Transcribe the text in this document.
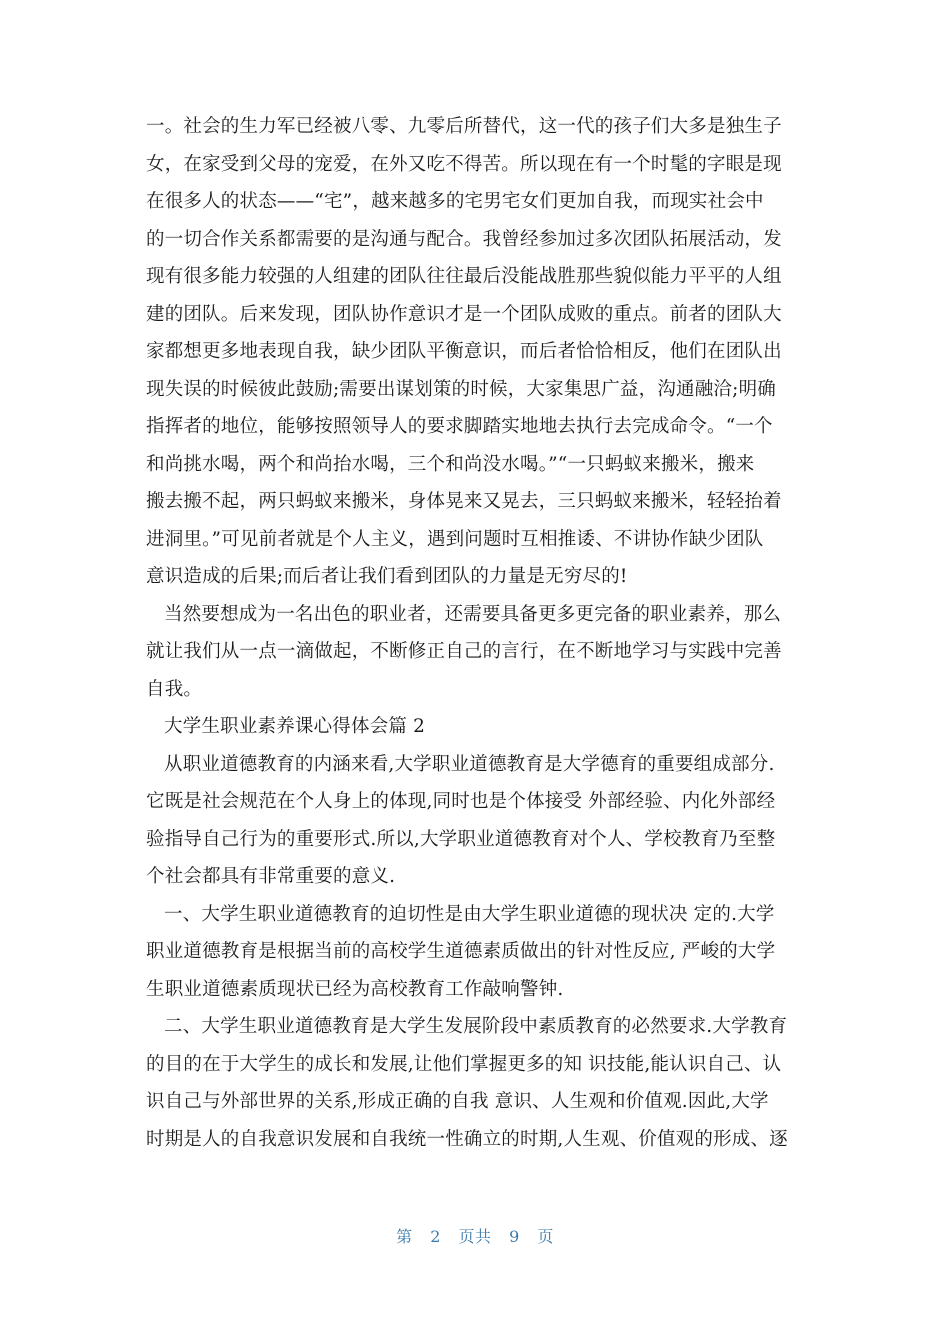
一。社会的生力军已经被八零、九零后所替代，这一代的孩子们大多是独生子
女，在家受到父母的宠爱，在外又吃不得苦。所以现在有一个时髦的字眼是现
在很多人的状态——“宅”，越来越多的宅男宅女们更加自我，而现实社会中
的一切合作关系都需要的是沟通与配合。我曾经参加过多次团队拓展活动，发
现有很多能力较强的人组建的团队往往最后没能战胜那些貌似能力平平的人组
建的团队。后来发现，团队协作意识才是一个团队成败的重点。前者的团队大
家都想更多地表现自我，缺少团队平衡意识，而后者恰恰相反，他们在团队出
现失误的时候彼此鼓励;需要出谋划策的时候，大家集思广益，沟通融洽;明确
指挥者的地位，能够按照领导人的要求脚踏实地地去执行去完成命令。“一个
和尚挑水喝，两个和尚抬水喝，三个和尚没水喝。”“一只蚂蚁来搬米，搬来
搬去搬不起，两只蚂蚁来搬米，身体晃来又晃去，三只蚂蚁来搬米，轻轻抬着
进洞里。”可见前者就是个人主义，遇到问题时互相推诿、不讲协作缺少团队
意识造成的后果;而后者让我们看到团队的力量是无穷尽的!
当然要想成为一名出色的职业者，还需要具备更多更完备的职业素养，那么
就让我们从一点一滴做起，不断修正自己的言行，在不断地学习与实践中完善
自我。
大学生职业素养课心得体会篇 2
从职业道德教育的内涵来看,大学职业道德教育是大学德育的重要组成部分.
它既是社会规范在个人身上的体现,同时也是个体接受 外部经验、内化外部经
验指导自己行为的重要形式.所以,大学职业道德教育对个人、学校教育乃至整
个社会都具有非常重要的意义.
一、大学生职业道德教育的迫切性是由大学生职业道德的现状决 定的.大学
职业道德教育是根据当前的高校学生道德素质做出的针对性反应, 严峻的大学
生职业道德素质现状已经为高校教育工作敲响警钟.
二、大学生职业道德教育是大学生发展阶段中素质教育的必然要求.大学教育
的目的在于大学生的成长和发展,让他们掌握更多的知 识技能,能认识自己、认
识自己与外部世界的关系,形成正确的自我 意识、人生观和价值观.因此,大学
时期是人的自我意识发展和自我统一性确立的时期,人生观、价值观的形成、逐
第 2 页共 9 页
